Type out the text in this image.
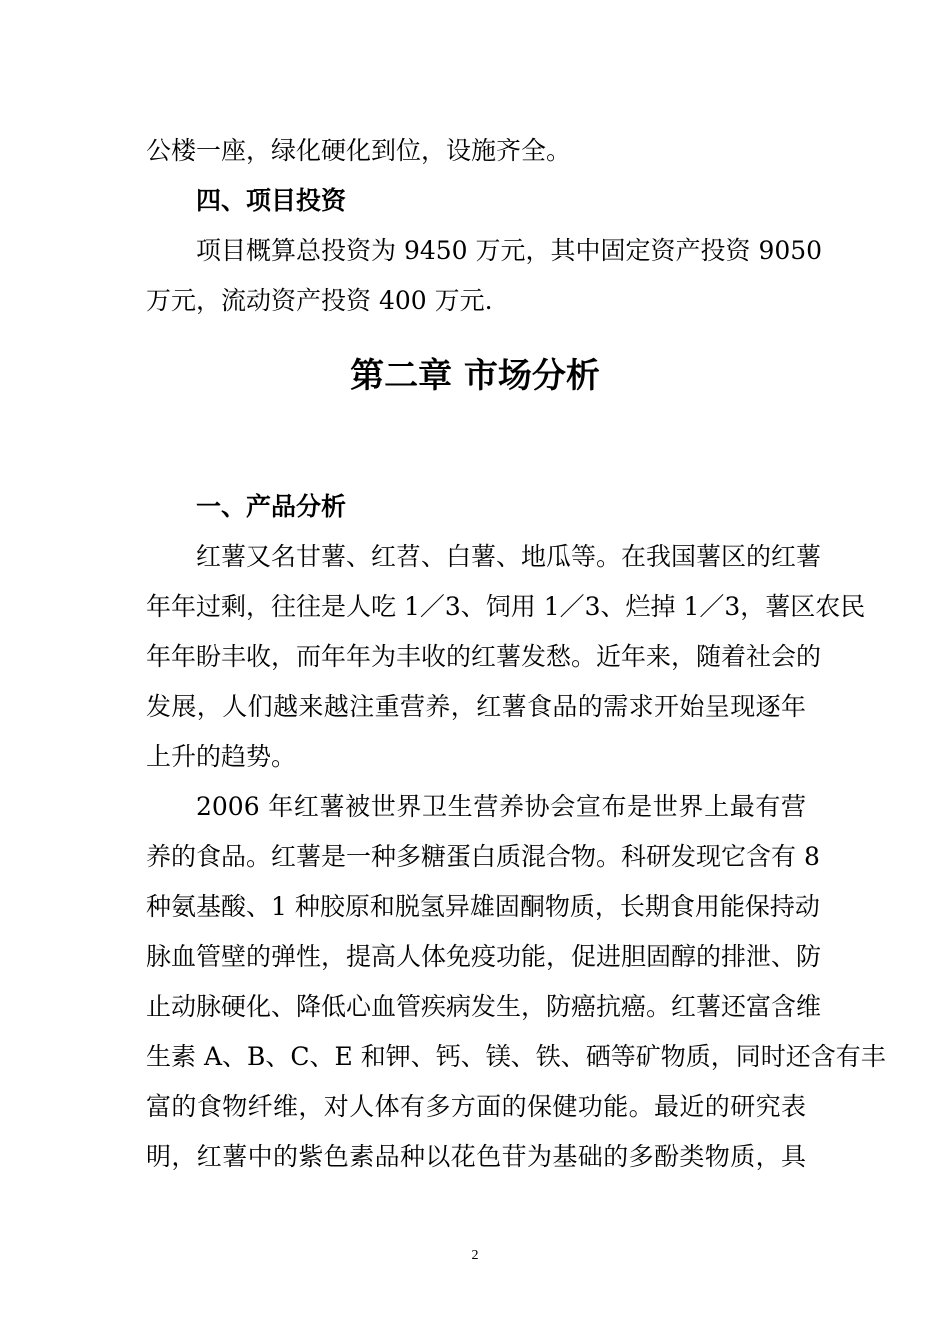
公楼一座，绿化硬化到位，设施齐全。
四、项目投资
项目概算总投资为 9450 万元，其中固定资产投资 9050
万元，流动资产投资 400 万元.
第二章 市场分析
一、产品分析
红薯又名甘薯、红苕、白薯、地瓜等。在我国薯区的红薯
年年过剩，往往是人吃 1／3、饲用 1／3、烂掉 1／3，薯区农民
年年盼丰收，而年年为丰收的红薯发愁。近年来，随着社会的
发展，人们越来越注重营养，红薯食品的需求开始呈现逐年
上升的趋势。
2006 年红薯被世界卫生营养协会宣布是世界上最有营
养的食品。红薯是一种多糖蛋白质混合物。科研发现它含有 8
种氨基酸、1 种胶原和脱氢异雄固酮物质，长期食用能保持动
脉血管壁的弹性，提高人体免疫功能，促进胆固醇的排泄、防
止动脉硬化、降低心血管疾病发生，防癌抗癌。红薯还富含维
生素 A、B、C、E 和钾、钙、镁、铁、硒等矿物质，同时还含有丰
富的食物纤维，对人体有多方面的保健功能。最近的研究表
明，红薯中的紫色素品种以花色苷为基础的多酚类物质，具
2
